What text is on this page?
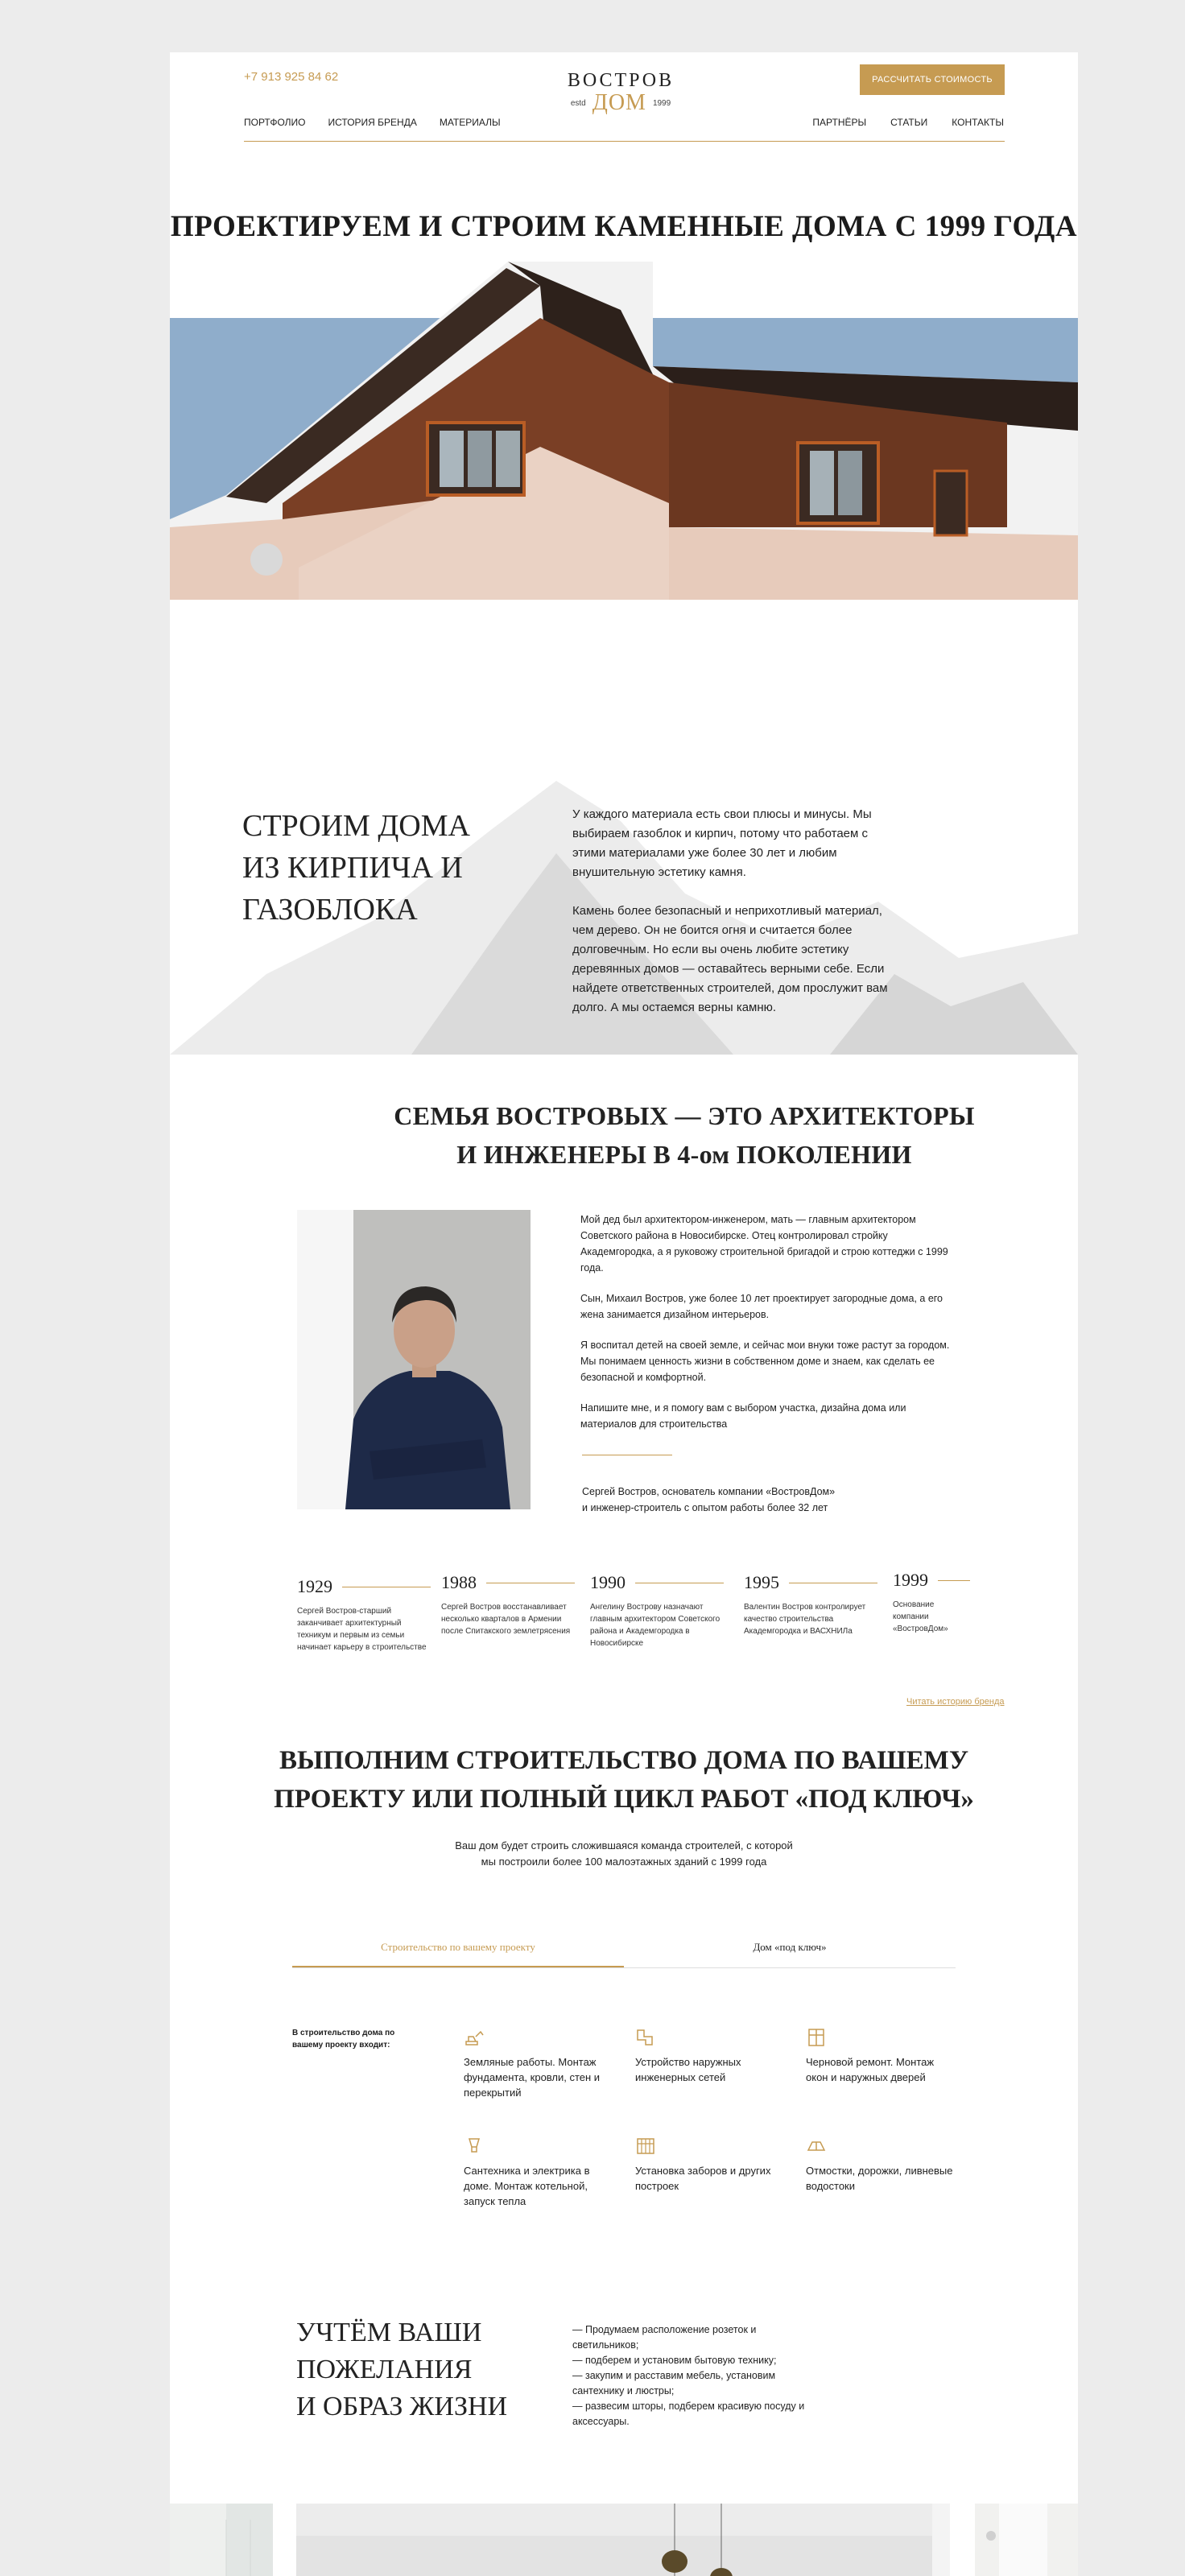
+7 913 925 84 62	ВОСТРОВ
estd ДОМ 1999
РАССЧИТАТЬ СТОИМОСТЬ
ПОРТФОЛИО ИСТОРИЯ БРЕНДА МАТЕРИАЛЫ	ПАРТНЁРЫ	СТАТЬИ	КОНТАКТЫ
ПРОЕКТИРУЕМ И СТРОИМ КАМЕННЫЕ ДОМА С 1999 ГОДА
СТРОИМ ДОМА
ИЗ КИРПИЧА И
ГАЗОБЛОКА

У каждого материала есть свои плюсы и минусы. Мы выбираем газоблок и кирпич, потому что работаем с этими материалами уже более 30 лет и любим внушительную эстетику камня.

Камень более безопасный и неприхотливый материал, чем дерево. Он не боится огня и считается более долговечным. Но если вы очень любите эстетику деревянных домов — оставайтесь верными себе. Если найдете ответственных строителей, дом прослужит вам долго. А мы остаемся верны камню.

СЕМЬЯ ВОСТРОВЫХ — ЭТО АРХИТЕКТОРЫ
И ИНЖЕНЕРЫ В 4-ом ПОКОЛЕНИИ

Мой дед был архитектором-инженером, мать — главным архитектором Советского района в Новосибирске. Отец контролировал стройку Академгородка, а я руковожу строительной бригадой и строю коттеджи с 1999 года.

Сын, Михаил Востров, уже более 10 лет проектирует загородные дома, а его жена занимается дизайном интерьеров.

Я воспитал детей на своей земле, и сейчас мои внуки тоже растут за городом. Мы понимаем ценность жизни в собственном доме и знаем, как сделать ее безопасной и комфортной.

Напишите мне, и я помогу вам с выбором участка, дизайна дома или материалов для строительства

Сергей Востров, основатель компании «ВостровДом»
и инженер-строитель с опытом работы более 32 лет
1929
Сергей Востров-старший заканчивает архитектурный техникум и первым из семьи начинает карьеру в строительстве
1988
Сергей Востров восстанавливает несколько кварталов в Армении после Спитакского землетрясения
1990
Ангелину Вострову назначают главным архитектором Советского района и Академгородка в Новосибирске
1995
Валентин Востров контролирует качество строительства Академгородка и ВАСХНИЛа
1999
Основание компании «ВостровДом»
Читать историю бренда
ВЫПОЛНИМ СТРОИТЕЛЬСТВО ДОМА ПО ВАШЕМУ
ПРОЕКТУ ИЛИ ПОЛНЫЙ ЦИКЛ РАБОТ «ПОД КЛЮЧ»
Ваш дом будет строить сложившаяся команда строителей, с которой
мы построили более 100 малоэтажных зданий с 1999 года
Строительство по вашему проекту	Дом «под ключ»
В строительство дома по вашему проекту входит:
Земляные работы. Монтаж фундамента, кровли, стен и перекрытий
Устройство наружных инженерных сетей
Черновой ремонт. Монтаж окон и наружных дверей
Сантехника и электрика в доме. Монтаж котельной, запуск тепла
Установка заборов и других построек
Отмостки, дорожки, ливневые водостоки
УЧТЁМ ВАШИ
ПОЖЕЛАНИЯ
И ОБРАЗ ЖИЗНИ
— Продумаем расположение розеток и светильников;
— подберем и установим бытовую технику;
— закупим и расставим мебель, установим сантехнику и люстры;
— развесим шторы, подберем красивую посуду и аксессуары.
